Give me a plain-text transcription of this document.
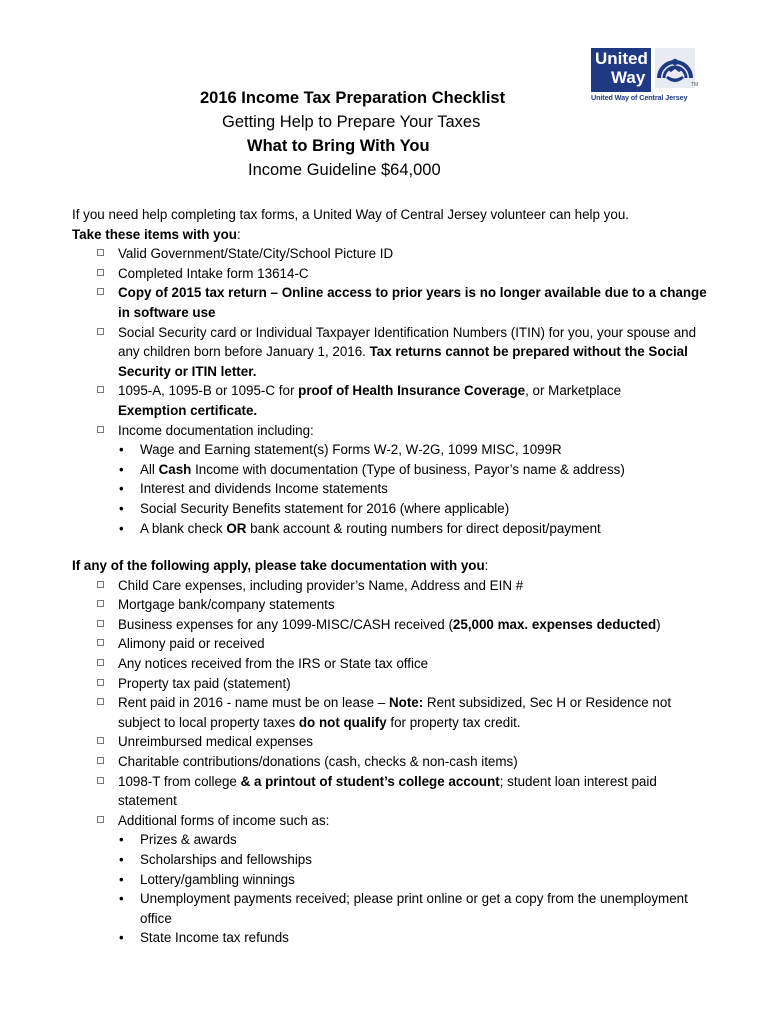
United
Way	TM
United Way of Central Jersey
2016 Income Tax Preparation Checklist
Getting Help to Prepare Your Taxes
What to Bring With You
Income Guideline $64,000

If you need help completing tax forms, a United Way of Central Jersey volunteer can help you.

Take these items with you:

Valid Government/State/City/School Picture ID
Completed Intake form 13614-C
Copy of 2015 tax return – Online access to prior years is no longer available due to a change in software use
Social Security card or Individual Taxpayer Identification Numbers (ITIN) for you, your spouse and any children born before January 1, 2016. Tax returns cannot be prepared without the Social Security or ITIN letter.
1095-A, 1095-B or 1095-C for proof of Health Insurance Coverage, or Marketplace
Exemption certificate.
Income documentation including:
• Wage and Earning statement(s) Forms W-2, W-2G, 1099 MISC, 1099R
• All Cash Income with documentation (Type of business, Payor’s name & address)
• Interest and dividends Income statements
• Social Security Benefits statement for 2016 (where applicable)
• A blank check OR bank account & routing numbers for direct deposit/payment

If any of the following apply, please take documentation with you:

Child Care expenses, including provider’s Name, Address and EIN #
Mortgage bank/company statements
Business expenses for any 1099-MISC/CASH received (25,000 max. expenses deducted)
Alimony paid or received
Any notices received from the IRS or State tax office
Property tax paid (statement)
Rent paid in 2016 - name must be on lease – Note: Rent subsidized, Sec H or Residence not subject to local property taxes do not qualify for property tax credit.
Unreimbursed medical expenses
Charitable contributions/donations (cash, checks & non-cash items)
1098-T from college & a printout of student’s college account; student loan interest paid statement
Additional forms of income such as:
• Prizes & awards
• Scholarships and fellowships
• Lottery/gambling winnings
• Unemployment payments received; please print online or get a copy from the unemployment office
• State Income tax refunds
